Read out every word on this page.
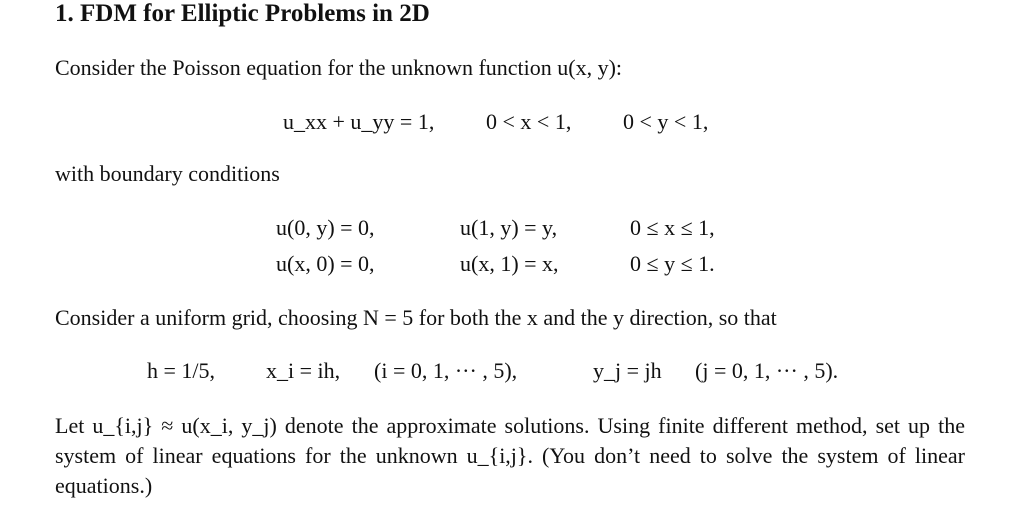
1. FDM for Elliptic Problems in 2D
Consider the Poisson equation for the unknown function u(x, y):
u_xx + u_yy = 1, 0 < x < 1, 0 < y < 1,
with boundary conditions
u(0, y) = 0,	u(1, y) = y,	0 ≤ x ≤ 1,
u(x, 0) = 0,	u(x, 1) = x,	0 ≤ y ≤ 1.
Consider a uniform grid, choosing N = 5 for both the x and the y direction, so that
h = 1/5, x_i = ih, (i = 0, 1, ··· , 5),	y_j = jh (j = 0, 1, ··· , 5).
Let u_{i,j} ≈ u(x_i, y_j) denote the approximate solutions. Using finite different method, set up the system of linear equations for the unknown u_{i,j}. (You don’t need to solve the system of linear equations.)
